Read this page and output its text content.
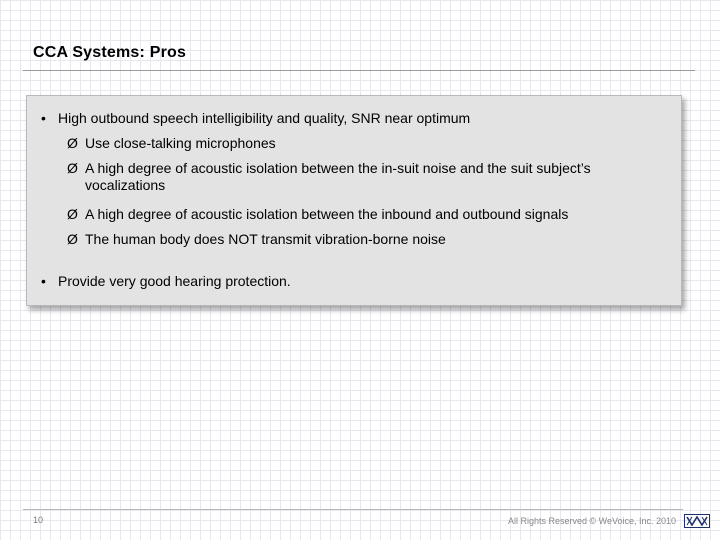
CCA Systems: Pros
• High outbound speech intelligibility and quality, SNR near optimum
Ø Use close-talking microphones
Ø A high degree of acoustic isolation between the in-suit noise and the suit subject’s vocalizations
Ø A high degree of acoustic isolation between the inbound and outbound signals
Ø The human body does NOT transmit vibration-borne noise
• Provide very good hearing protection.
10	All Rights Reserved © WeVoice, Inc. 2010
